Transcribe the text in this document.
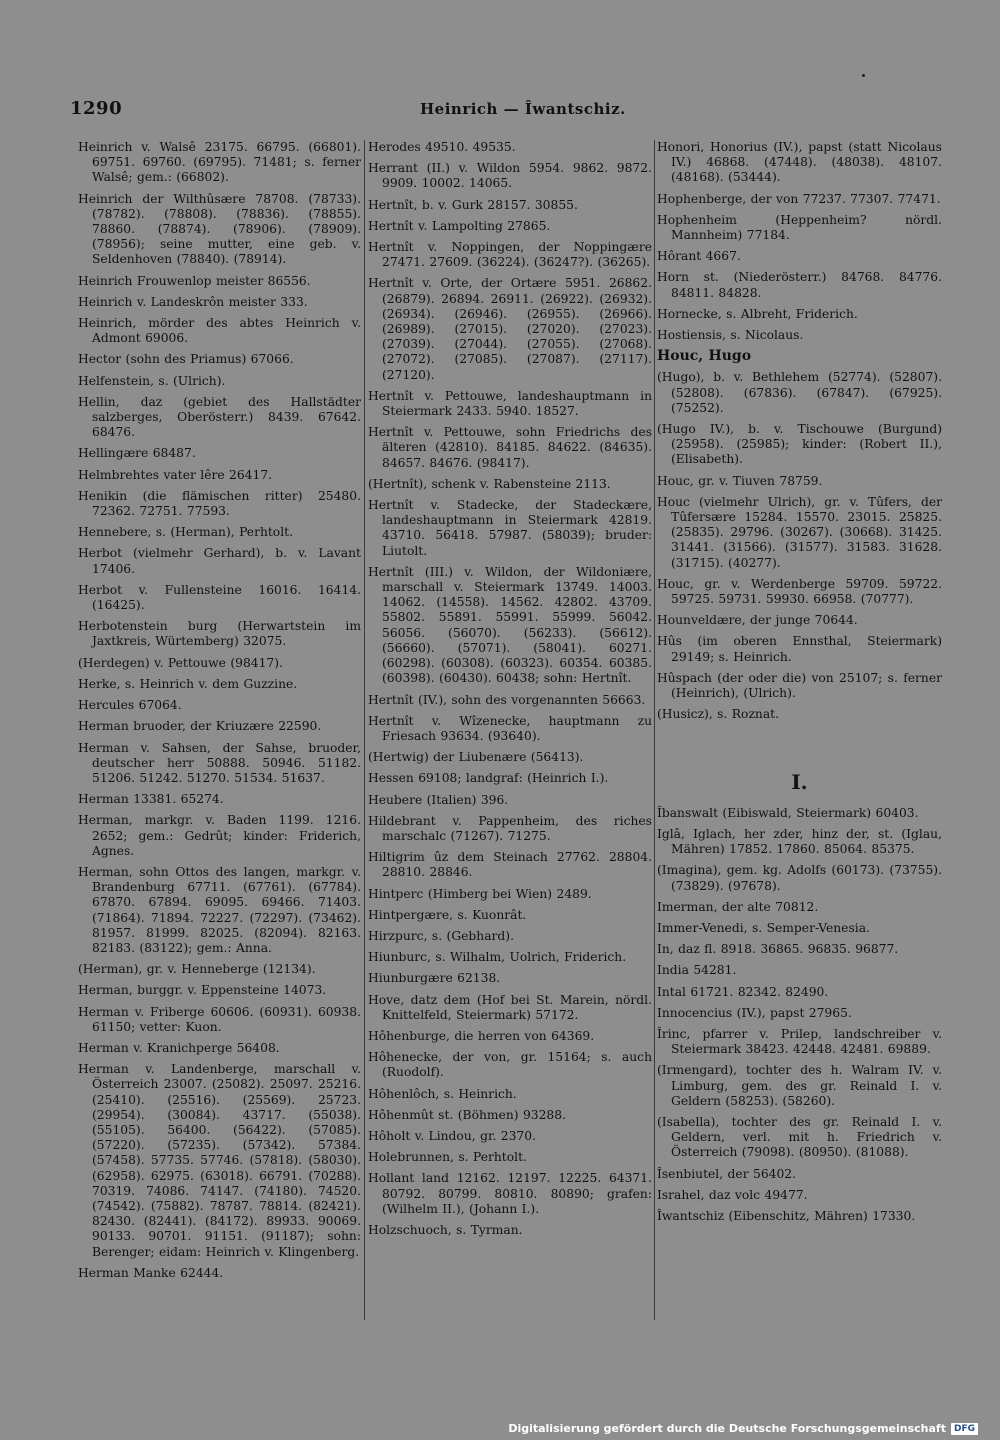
1290	Heinrich — Îwantschiz.
Heinrich v. Walsê 23175. 66795. (66801). 69751. 69760. (69795). 71481; s. ferner Walsê; gem.: (66802).
Heinrich der Wilthûsære 78708. (78733). (78782). (78808). (78836). (78855). 78860. (78874). (78906). (78909). (78956); seine mutter, eine geb. v. Seldenhoven (78840). (78914).
Heinrich Frouwenlop meister 86556.
Heinrich v. Landeskrôn meister 333.
Heinrich, mörder des abtes Heinrich v. Admont 69006.
Hector (sohn des Priamus) 67066.
Helfenstein, s. (Ulrich).
Hellin, daz (gebiet des Hallstädter salzberges, Oberösterr.) 8439. 67642. 68476.
Hellingære 68487.
Helmbrehtes vater lêre 26417.
Henikin (die flämischen ritter) 25480. 72362. 72751. 77593.
Hennebere, s. (Herman), Perhtolt.
Herbot (vielmehr Gerhard), b. v. Lavant 17406.
Herbot v. Fullensteine 16016. 16414. (16425).
Herbotenstein burg (Herwartstein im Jaxtkreis, Würtemberg) 32075.
(Herdegen) v. Pettouwe (98417).
Herke, s. Heinrich v. dem Guzzine.
Hercules 67064.
Herman bruoder, der Kriuzære 22590.
Herman v. Sahsen, der Sahse, bruoder, deutscher herr 50888. 50946. 51182. 51206. 51242. 51270. 51534. 51637.
Herman 13381. 65274.
Herman, markgr. v. Baden 1199. 1216. 2652; gem.: Gedrût; kinder: Friderich, Agnes.
Herman, sohn Ottos des langen, markgr. v. Brandenburg 67711. (67761). (67784). 67870. 67894. 69095. 69466. 71403. (71864). 71894. 72227. (72297). (73462). 81957. 81999. 82025. (82094). 82163. 82183. (83122); gem.: Anna.
(Herman), gr. v. Henneberge (12134).
Herman, burggr. v. Eppensteine 14073.
Herman v. Friberge 60606. (60931). 60938. 61150; vetter: Kuon.
Herman v. Kranichperge 56408.
Herman v. Landenberge, marschall v. Österreich 23007. (25082). 25097. 25216. (25410). (25516). (25569). 25723. (29954). (30084). 43717. (55038). (55105). 56400. (56422). (57085). (57220). (57235). (57342). 57384. (57458). 57735. 57746. (57818). (58030). (62958). 62975. (63018). 66791. (70288). 70319. 74086. 74147. (74180). 74520. (74542). (75882). 78787. 78814. (82421). 82430. (82441). (84172). 89933. 90069. 90133. 90701. 91151. (91187); sohn: Berenger; eidam: Heinrich v. Klingenberg.
Herman Manke 62444.
Herodes 49510. 49535.
Herrant (II.) v. Wildon 5954. 9862. 9872. 9909. 10002. 14065.
Hertnît, b. v. Gurk 28157. 30855.
Hertnît v. Lampolting 27865.
Hertnît v. Noppingen, der Noppingære 27471. 27609. (36224). (36247?). (36265).
Hertnît v. Orte, der Ortære 5951. 26862. (26879). 26894. 26911. (26922). (26932). (26934). (26946). (26955). (26966). (26989). (27015). (27020). (27023). (27039). (27044). (27055). (27068). (27072). (27085). (27087). (27117). (27120).
Hertnît v. Pettouwe, landeshauptmann in Steiermark 2433. 5940. 18527.
Hertnît v. Pettouwe, sohn Friedrichs des älteren (42810). 84185. 84622. (84635). 84657. 84676. (98417).
(Hertnît), schenk v. Rabensteine 2113.
Hertnît v. Stadecke, der Stadeckære, landeshauptmann in Steiermark 42819. 43710. 56418. 57987. (58039); bruder: Liutolt.
Hertnît (III.) v. Wildon, der Wildoniære, marschall v. Steiermark 13749. 14003. 14062. (14558). 14562. 42802. 43709. 55802. 55891. 55991. 55999. 56042. 56056. (56070). (56233). (56612). (56660). (57071). (58041). 60271. (60298). (60308). (60323). 60354. 60385. (60398). (60430). 60438; sohn: Hertnît.
Hertnît (IV.), sohn des vorgenannten 56663.
Hertnît v. Wîzenecke, hauptmann zu Friesach 93634. (93640).
(Hertwig) der Liubenære (56413).
Hessen 69108; landgraf: (Heinrich I.).
Heubere (Italien) 396.
Hildebrant v. Pappenheim, des riches marschalc (71267). 71275.
Hiltigrim ûz dem Steinach 27762. 28804. 28810. 28846.
Hintperc (Himberg bei Wien) 2489.
Hintpergære, s. Kuonrât.
Hirzpurc, s. (Gebhard).
Hiunburc, s. Wilhalm, Uolrich, Friderich.
Hiunburgære 62138.
Hove, datz dem (Hof bei St. Marein, nördl. Knittelfeld, Steiermark) 57172.
Hôhenburge, die herren von 64369.
Hôhenecke, der von, gr. 15164; s. auch (Ruodolf).
Hôhenlôch, s. Heinrich.
Hôhenmût st. (Böhmen) 93288.
Hôholt v. Lindou, gr. 2370.
Holebrunnen, s. Perhtolt.
Hollant land 12162. 12197. 12225. 64371. 80792. 80799. 80810. 80890; grafen: (Wilhelm II.), (Johann I.).
Holzschuoch, s. Tyrman.
Honori, Honorius (IV.), papst (statt Nicolaus IV.) 46868. (47448). (48038). 48107. (48168). (53444).
Hophenberge, der von 77237. 77307. 77471.
Hophenheim (Heppenheim? nördl. Mannheim) 77184.
Hôrant 4667.
Horn st. (Niederösterr.) 84768. 84776. 84811. 84828.
Hornecke, s. Albreht, Friderich.
Hostiensis, s. Nicolaus.
Houc, Hugo
(Hugo), b. v. Bethlehem (52774). (52807). (52808). (67836). (67847). (67925). (75252).
(Hugo IV.), b. v. Tischouwe (Burgund) (25958). (25985); kinder: (Robert II.), (Elisabeth).
Houc, gr. v. Tiuven 78759.
Houc (vielmehr Ulrich), gr. v. Tûfers, der Tûfersære 15284. 15570. 23015. 25825. (25835). 29796. (30267). (30668). 31425. 31441. (31566). (31577). 31583. 31628. (31715). (40277).
Houc, gr. v. Werdenberge 59709. 59722. 59725. 59731. 59930. 66958. (70777).
Hounveldære, der junge 70644.
Hûs (im oberen Ennsthal, Steiermark) 29149; s. Heinrich.
Hûspach (der oder die) von 25107; s. ferner (Heinrich), (Ulrich).
(Husicz), s. Roznat.
I.
Îbanswalt (Eibiswald, Steiermark) 60403.
Iglâ, Iglach, her zder, hinz der, st. (Iglau, Mähren) 17852. 17860. 85064. 85375.
(Imagina), gem. kg. Adolfs (60173). (73755). (73829). (97678).
Imerman, der alte 70812.
Immer-Venedi, s. Semper-Venesia.
In, daz fl. 8918. 36865. 96835. 96877.
India 54281.
Intal 61721. 82342. 82490.
Innocencius (IV.), papst 27965.
Îrinc, pfarrer v. Prilep, landschreiber v. Steiermark 38423. 42448. 42481. 69889.
(Irmengard), tochter des h. Walram IV. v. Limburg, gem. des gr. Reinald I. v. Geldern (58253). (58260).
(Isabella), tochter des gr. Reinald I. v. Geldern, verl. mit h. Friedrich v. Österreich (79098). (80950). (81088).
Îsenbiutel, der 56402.
Israhel, daz volc 49477.
Îwantschiz (Eibenschitz, Mähren) 17330.
Digitalisierung gefördert durch die Deutsche Forschungsgemeinschaft DFG
